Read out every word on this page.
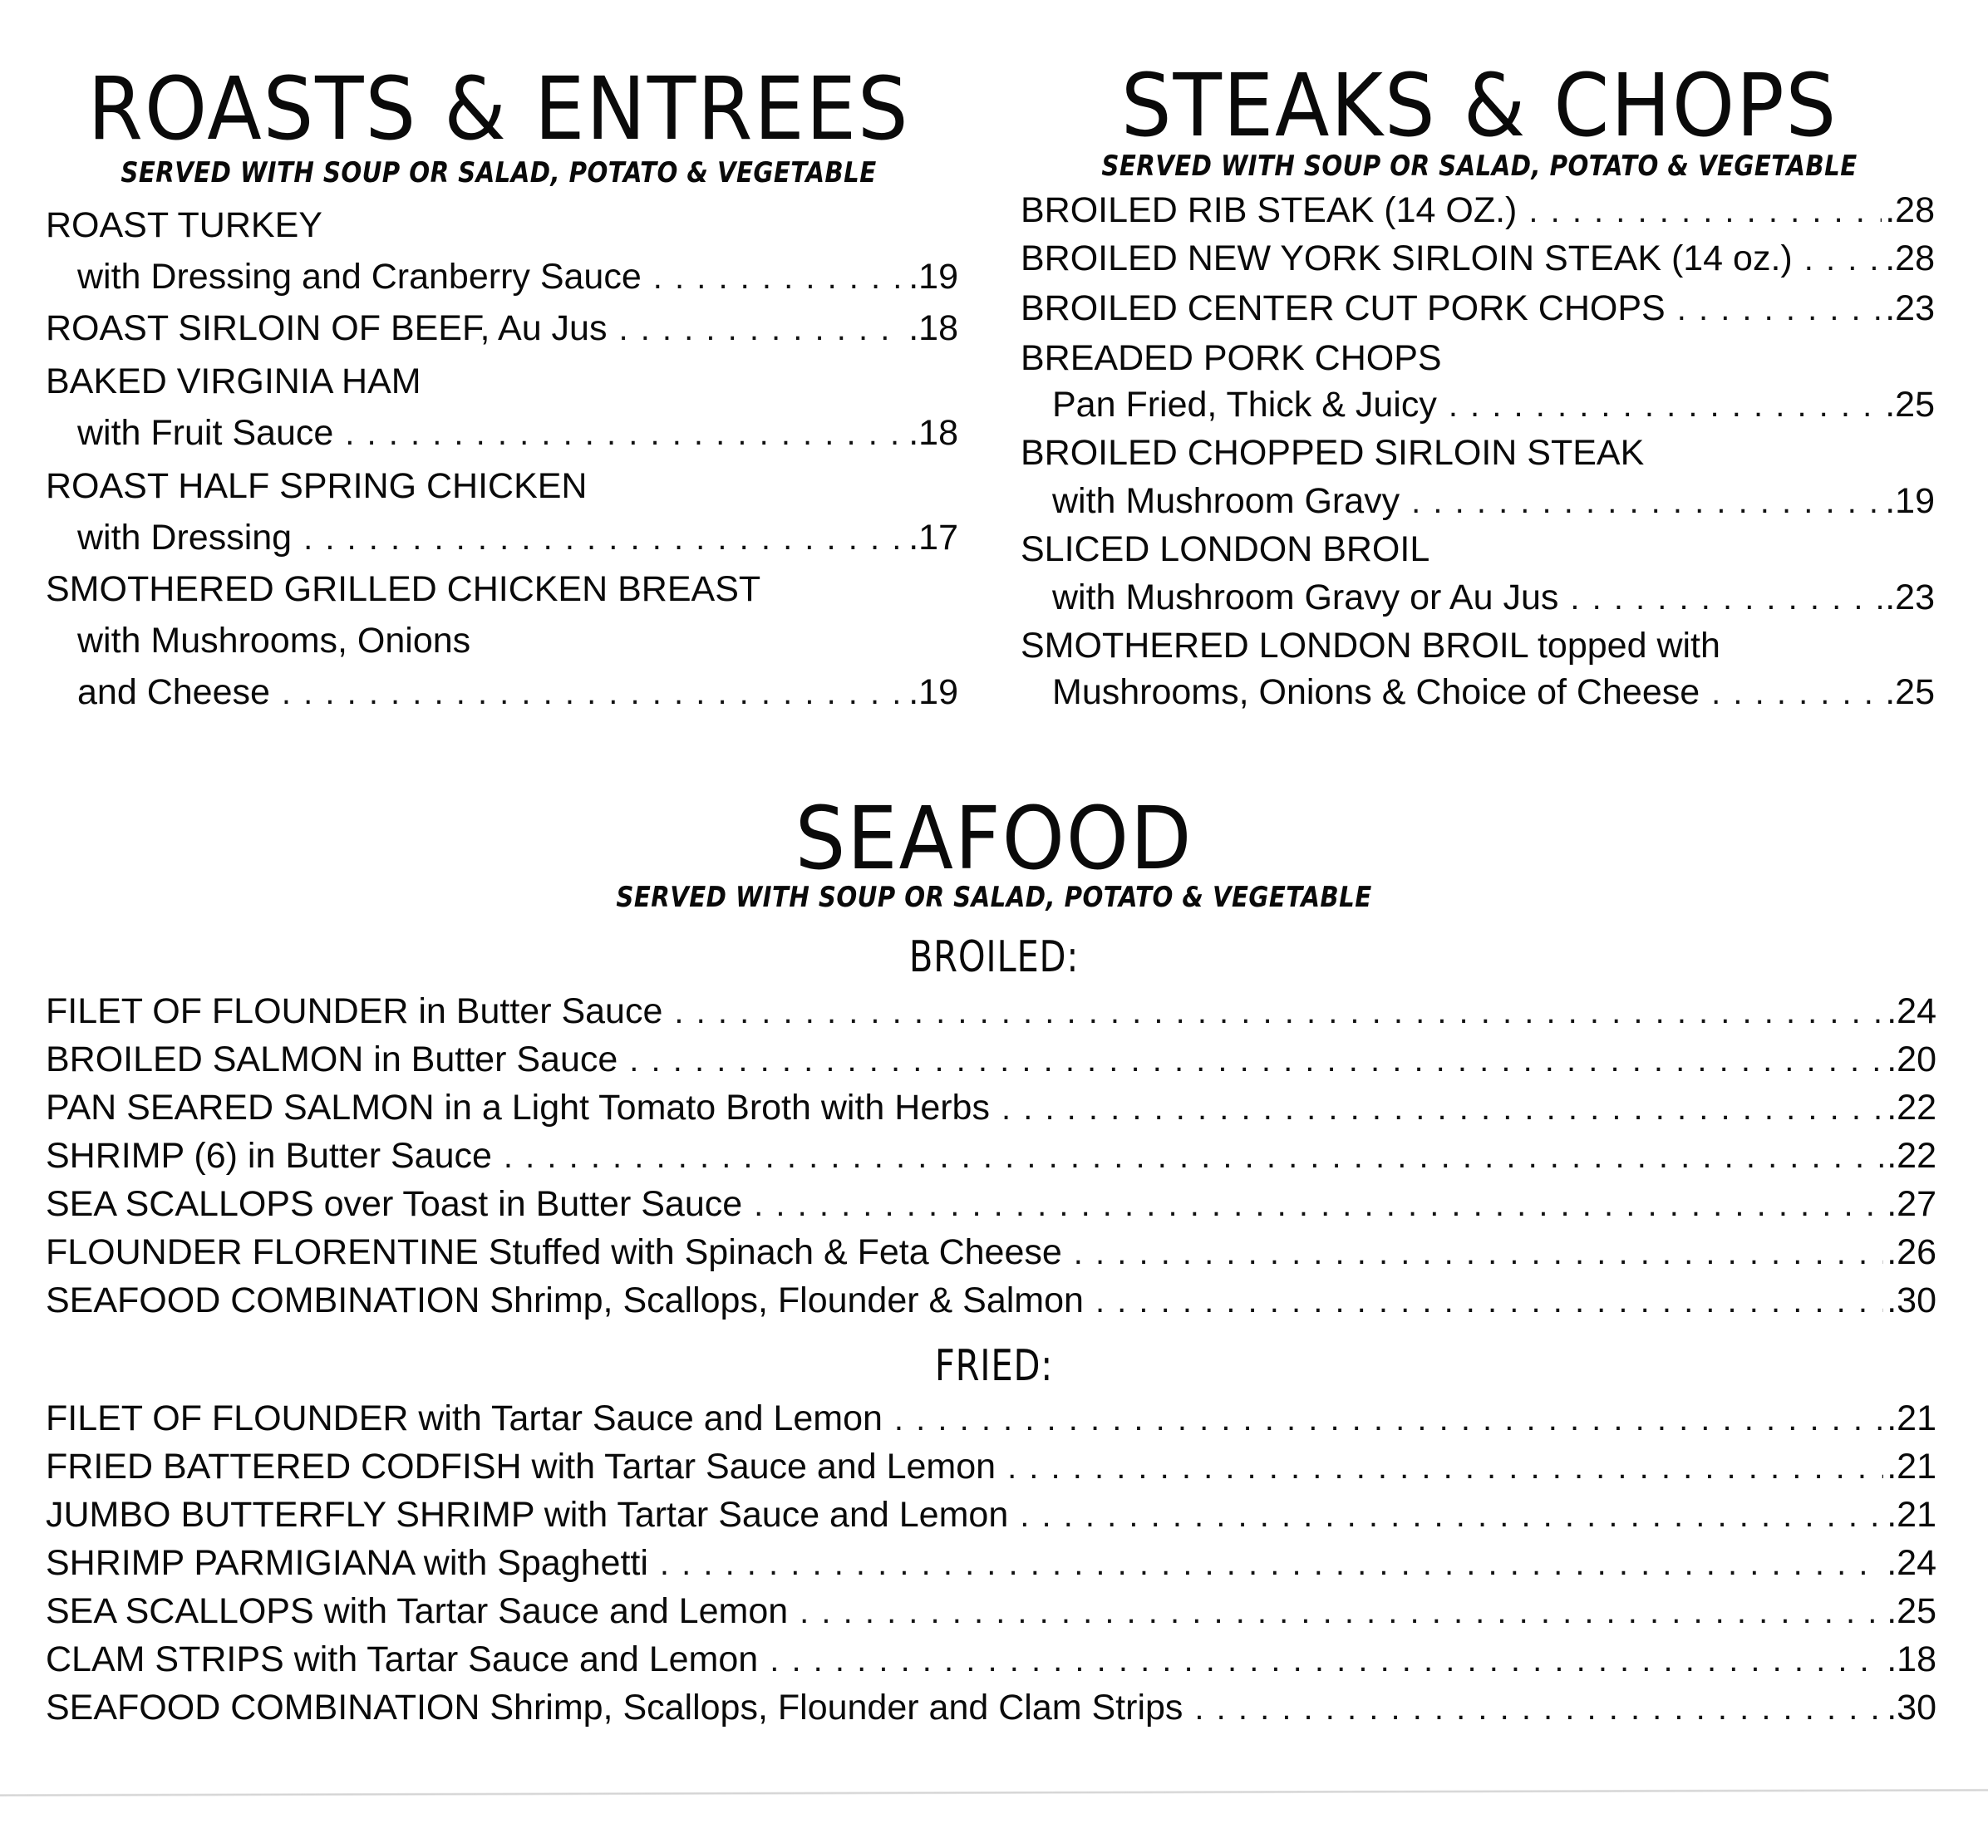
ROASTS & ENTREES
SERVED WITH SOUP OR SALAD, POTATO & VEGETABLE
ROAST TURKEY
with Dressing and Cranberry Sauce . . .	.19
ROAST SIRLOIN OF BEEF, Au Jus . . .	.18
BAKED VIRGINIA HAM
with Fruit Sauce . . .	.18
ROAST HALF SPRING CHICKEN
with Dressing . . .	.17
SMOTHERED GRILLED CHICKEN BREAST
with Mushrooms, Onions
and Cheese . . .	.19
STEAKS & CHOPS
SERVED WITH SOUP OR SALAD, POTATO & VEGETABLE
BROILED RIB STEAK (14 OZ.) . . .	.28
BROILED NEW YORK SIRLOIN STEAK (14 oz.) . . .	.28
BROILED CENTER CUT PORK CHOPS . . .	.23
BREADED PORK CHOPS
Pan Fried, Thick & Juicy . . .	.25
BROILED CHOPPED SIRLOIN STEAK
with Mushroom Gravy . . .	.19
SLICED LONDON BROIL
with Mushroom Gravy or Au Jus . . .	.23
SMOTHERED LONDON BROIL topped with
Mushrooms, Onions & Choice of Cheese . . .	.25
SEAFOOD
SERVED WITH SOUP OR SALAD, POTATO & VEGETABLE
BROILED:
FILET OF FLOUNDER in Butter Sauce . . .	.24
BROILED SALMON in Butter Sauce . . .	.20
PAN SEARED SALMON in a Light Tomato Broth with Herbs . . .	.22
SHRIMP (6) in Butter Sauce . . .	.22
SEA SCALLOPS over Toast in Butter Sauce . . .	.27
FLOUNDER FLORENTINE Stuffed with Spinach & Feta Cheese . . .	.26
SEAFOOD COMBINATION Shrimp, Scallops, Flounder & Salmon . . .	.30
FRIED:
FILET OF FLOUNDER with Tartar Sauce and Lemon . . .	.21
FRIED BATTERED CODFISH with Tartar Sauce and Lemon . . .	.21
JUMBO BUTTERFLY SHRIMP with Tartar Sauce and Lemon . . .	.21
SHRIMP PARMIGIANA with Spaghetti . . .	.24
SEA SCALLOPS with Tartar Sauce and Lemon . . .	.25
CLAM STRIPS with Tartar Sauce and Lemon . . .	.18
SEAFOOD COMBINATION Shrimp, Scallops, Flounder and Clam Strips . . .	.30
